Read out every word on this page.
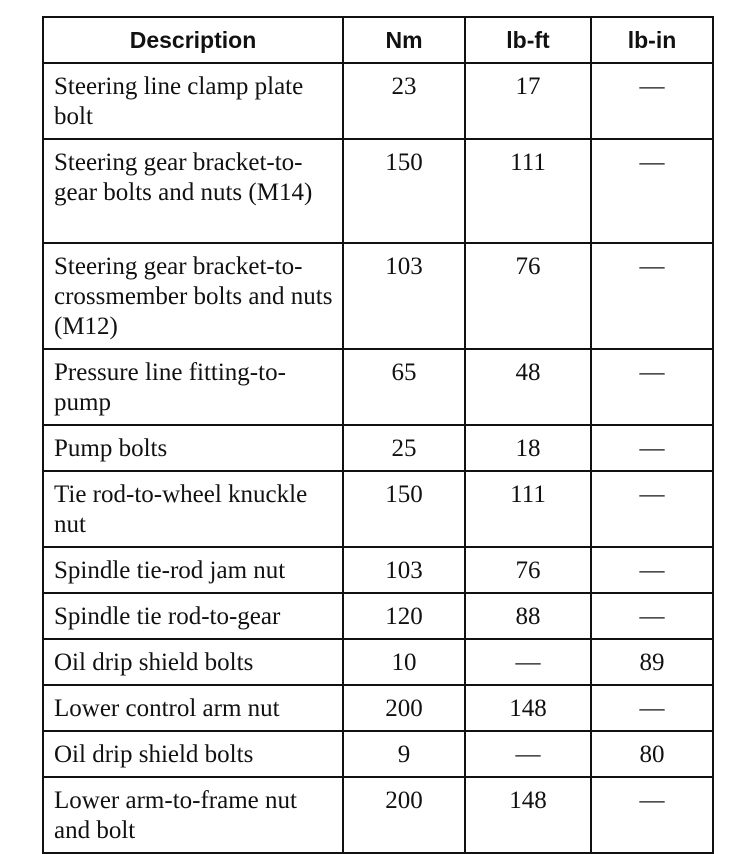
Description	Nm	lb-ft	lb-in
Steering line clamp plate bolt	23	17	—
Steering gear bracket-to-gear bolts and nuts (M14)	150	111	—
Steering gear bracket-to-crossmember bolts and nuts (M12)	103	76	—
Pressure line fitting-to-pump	65	48	—
Pump bolts	25	18	—
Tie rod-to-wheel knuckle nut	150	111	—
Spindle tie-rod jam nut	103	76	—
Spindle tie rod-to-gear	120	88	—
Oil drip shield bolts	10	—	89
Lower control arm nut	200	148	—
Oil drip shield bolts	9	—	80
Lower arm-to-frame nut and bolt	200	148	—
